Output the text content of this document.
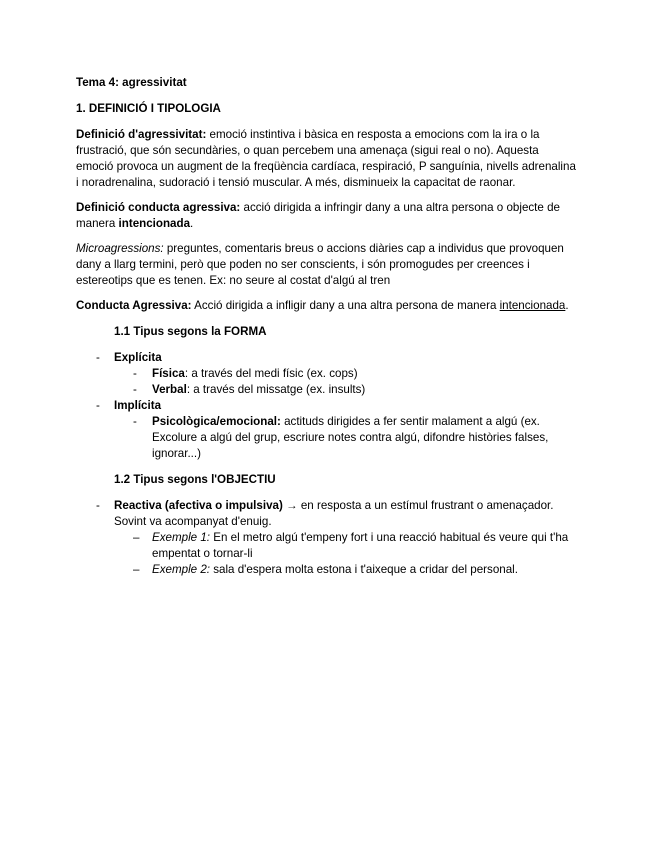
Tema 4: agressivitat

1. DEFINICIÓ I TIPOLOGIA

Definició d'agressivitat: emoció instintiva i bàsica en resposta a emocions com la ira o la frustració, que són secundàries, o quan percebem una amenaça (sigui real o no). Aquesta emoció provoca un augment de la freqüència cardíaca, respiració, P sanguínia, nivells adrenalina i noradrenalina, sudoració i tensió muscular. A més, disminueix la capacitat de raonar.

Definició conducta agressiva: acció dirigida a infringir dany a una altra persona o objecte de manera intencionada.

Microagressions: preguntes, comentaris breus o accions diàries cap a individus que provoquen dany a llarg termini, però que poden no ser conscients, i són promogudes per creences i estereotips que es tenen. Ex: no seure al costat d'algú al tren

Conducta Agressiva: Acció dirigida a infligir dany a una altra persona de manera intencionada.

1.1 Tipus segons la FORMA

- Explícita
- Física: a través del medi físic (ex. cops)
- Verbal: a través del missatge (ex. insults)
- Implícita
- Psicològica/emocional: actituds dirigides a fer sentir malament a algú (ex. Excolure a algú del grup, escriure notes contra algú, difondre històries falses, ignorar...)

1.2 Tipus segons l'OBJECTIU

- Reactiva (afectiva o impulsiva) → en resposta a un estímul frustrant o amenaçador. Sovint va acompanyat d'enuig.
– Exemple 1: En el metro algú t'empeny fort i una reacció habitual és veure qui t'ha empentat o tornar-li
– Exemple 2: sala d'espera molta estona i t'aixeque a cridar del personal.
